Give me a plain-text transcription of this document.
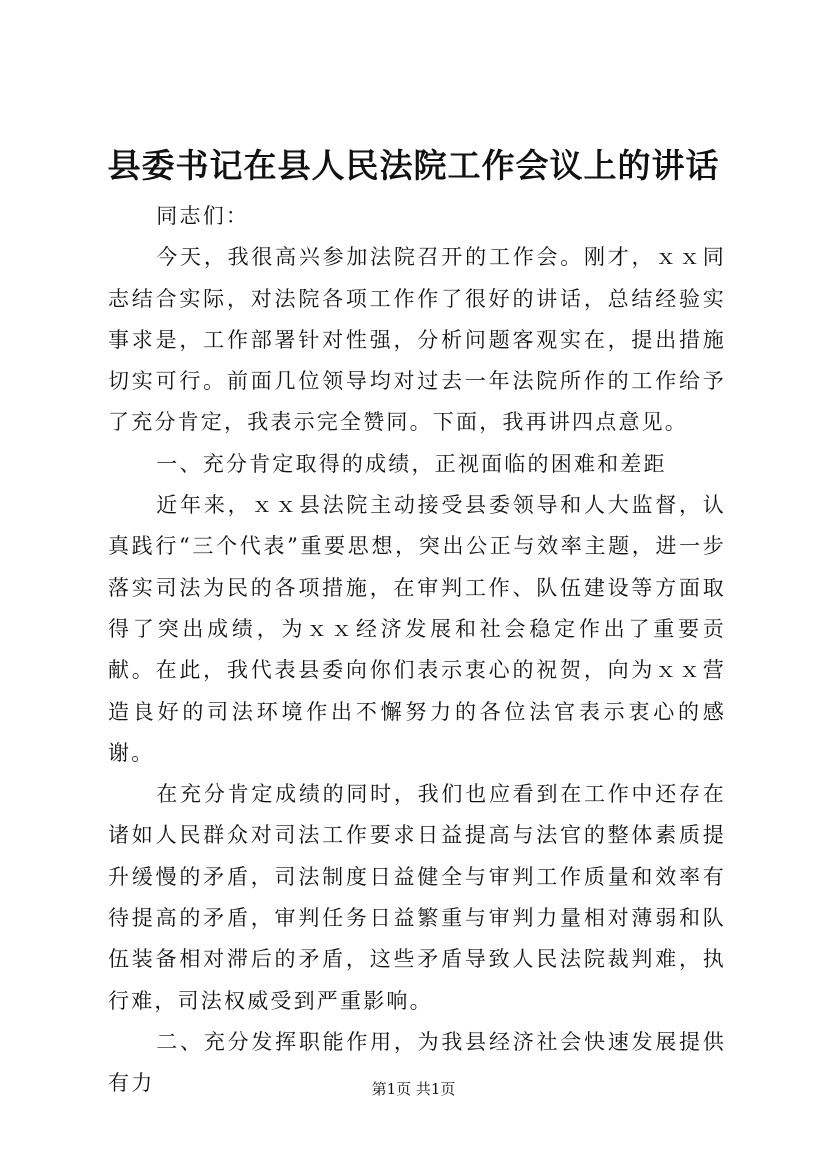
县委书记在县人民法院工作会议上的讲话

同志们：

今天，我很高兴参加法院召开的工作会。刚才，ｘｘ同志结合实际，对法院各项工作作了很好的讲话，总结经验实事求是，工作部署针对性强，分析问题客观实在，提出措施切实可行。前面几位领导均对过去一年法院所作的工作给予了充分肯定，我表示完全赞同。下面，我再讲四点意见。

一、充分肯定取得的成绩，正视面临的困难和差距

近年来，ｘｘ县法院主动接受县委领导和人大监督，认真践行“三个代表”重要思想，突出公正与效率主题，进一步落实司法为民的各项措施，在审判工作、队伍建设等方面取得了突出成绩，为ｘｘ经济发展和社会稳定作出了重要贡献。在此，我代表县委向你们表示衷心的祝贺，向为ｘｘ营造良好的司法环境作出不懈努力的各位法官表示衷心的感谢。

在充分肯定成绩的同时，我们也应看到在工作中还存在诸如人民群众对司法工作要求日益提高与法官的整体素质提升缓慢的矛盾，司法制度日益健全与审判工作质量和效率有待提高的矛盾，审判任务日益繁重与审判力量相对薄弱和队伍装备相对滞后的矛盾，这些矛盾导致人民法院裁判难，执行难，司法权威受到严重影响。

二、充分发挥职能作用，为我县经济社会快速发展提供有力	第1页 共1页
